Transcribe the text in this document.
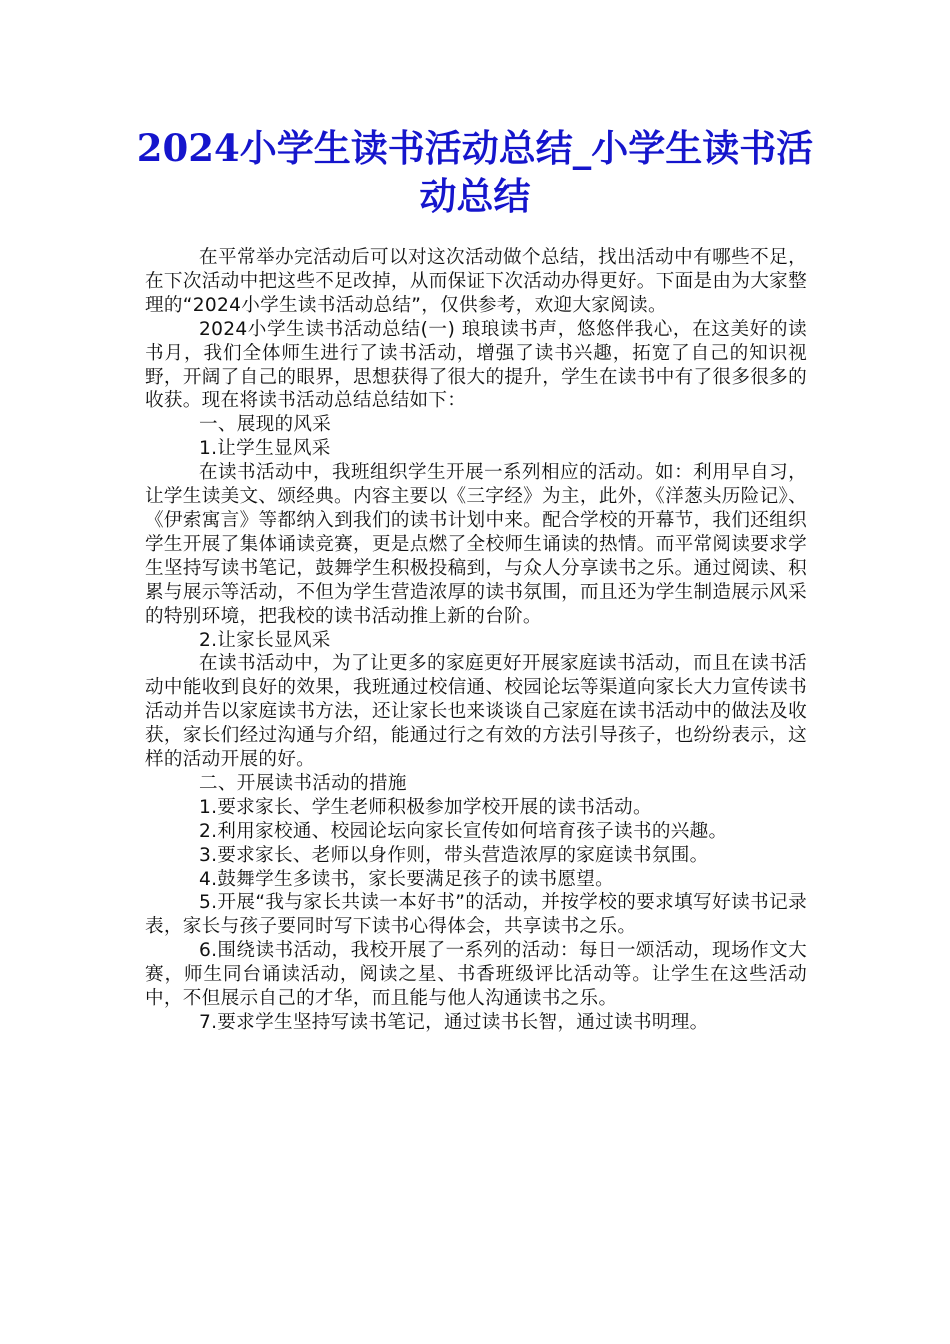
2024小学生读书活动总结_小学生读书活动总结

在平常举办完活动后可以对这次活动做个总结，找出活动中有哪些不足，在下次活动中把这些不足改掉，从而保证下次活动办得更好。下面是由为大家整理的“2024小学生读书活动总结”，仅供参考，欢迎大家阅读。

2024小学生读书活动总结(一) 琅琅读书声，悠悠伴我心，在这美好的读书月，我们全体师生进行了读书活动，增强了读书兴趣，拓宽了自己的知识视野，开阔了自己的眼界，思想获得了很大的提升，学生在读书中有了很多很多的收获。现在将读书活动总结总结如下：

一、展现的风采

1.让学生显风采

在读书活动中，我班组织学生开展一系列相应的活动。如：利用早自习，让学生读美文、颂经典。内容主要以《三字经》为主，此外，《洋葱头历险记》、《伊索寓言》等都纳入到我们的读书计划中来。配合学校的开幕节，我们还组织学生开展了集体诵读竞赛，更是点燃了全校师生诵读的热情。而平常阅读要求学生坚持写读书笔记，鼓舞学生积极投稿到，与众人分享读书之乐。通过阅读、积累与展示等活动，不但为学生营造浓厚的读书氛围，而且还为学生制造展示风采的特别环境，把我校的读书活动推上新的台阶。

2.让家长显风采

在读书活动中，为了让更多的家庭更好开展家庭读书活动，而且在读书活动中能收到良好的效果，我班通过校信通、校园论坛等渠道向家长大力宣传读书活动并告以家庭读书方法，还让家长也来谈谈自己家庭在读书活动中的做法及收获，家长们经过沟通与介绍，能通过行之有效的方法引导孩子，也纷纷表示，这样的活动开展的好。

二、开展读书活动的措施

1.要求家长、学生老师积极参加学校开展的读书活动。

2.利用家校通、校园论坛向家长宣传如何培育孩子读书的兴趣。

3.要求家长、老师以身作则，带头营造浓厚的家庭读书氛围。

4.鼓舞学生多读书，家长要满足孩子的读书愿望。

5.开展“我与家长共读一本好书”的活动，并按学校的要求填写好读书记录表，家长与孩子要同时写下读书心得体会，共享读书之乐。

6.围绕读书活动，我校开展了一系列的活动：每日一颂活动，现场作文大赛，师生同台诵读活动，阅读之星、书香班级评比活动等。让学生在这些活动中，不但展示自己的才华，而且能与他人沟通读书之乐。

7.要求学生坚持写读书笔记，通过读书长智，通过读书明理。
